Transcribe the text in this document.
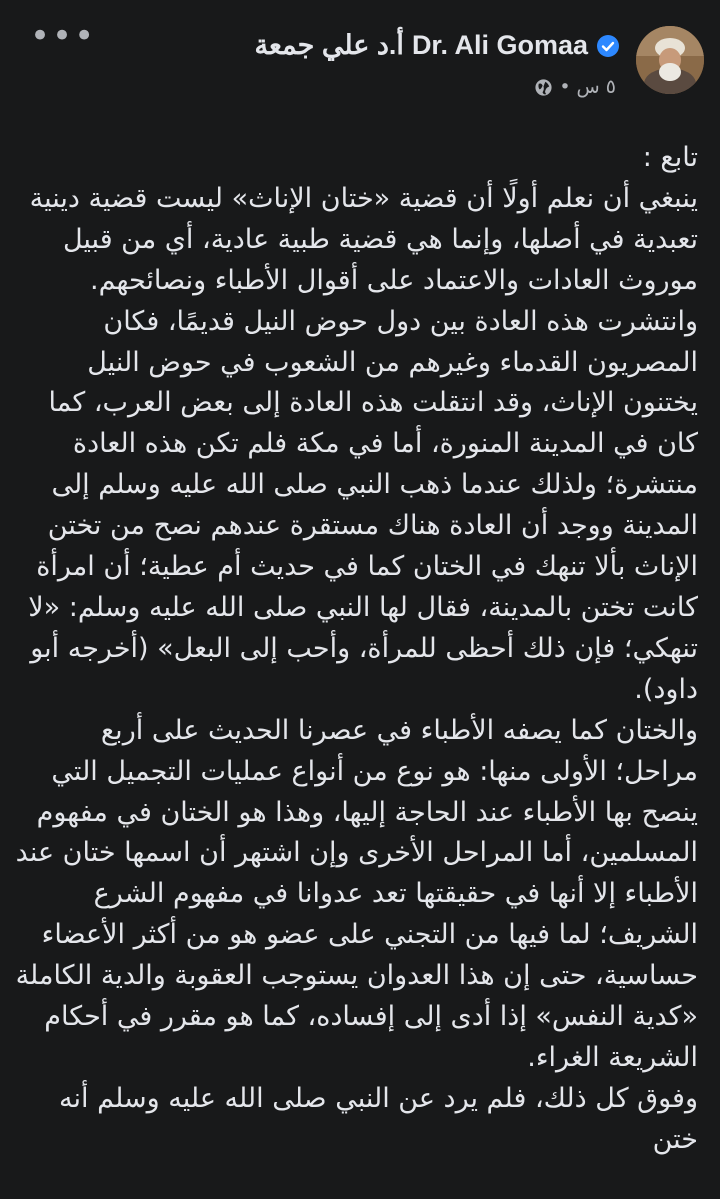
Dr. Ali Gomaa
أ.د علي جمعة
٥ س
•
•••

تابع :

ينبغي أن نعلم أولًا أن قضية «ختان الإناث» ليست قضية دينية تعبدية في أصلها، وإنما هي قضية طبية عادية، أي من قبيل موروث العادات والاعتماد على أقوال الأطباء ونصائحهم.

وانتشرت هذه العادة بين دول حوض النيل قديمًا، فكان المصريون القدماء وغيرهم من الشعوب في حوض النيل يختنون الإناث، وقد انتقلت هذه العادة إلى بعض العرب، كما كان في المدينة المنورة، أما في مكة فلم تكن هذه العادة منتشرة؛ ولذلك عندما ذهب النبي صلى الله عليه وسلم إلى المدينة ووجد أن العادة هناك مستقرة عندهم نصح من تختن الإناث بألا تنهك في الختان كما في حديث أم عطية؛ أن امرأة كانت تختن بالمدينة، فقال لها النبي صلى الله عليه وسلم: «لا تنهكي؛ فإن ذلك أحظى للمرأة، وأحب إلى البعل» (أخرجه أبو داود).

والختان كما يصفه الأطباء في عصرنا الحديث على أربع مراحل؛ الأولى منها: هو نوع من أنواع عمليات التجميل التي ينصح بها الأطباء عند الحاجة إليها، وهذا هو الختان في مفهوم المسلمين، أما المراحل الأخرى وإن اشتهر أن اسمها ختان عند الأطباء إلا أنها في حقيقتها تعد عدوانا في مفهوم الشرع الشريف؛ لما فيها من التجني على عضو هو من أكثر الأعضاء حساسية، حتى إن هذا العدوان يستوجب العقوبة والدية الكاملة «كدية النفس» إذا أدى إلى إفساده، كما هو مقرر في أحكام الشريعة الغراء.

وفوق كل ذلك، فلم يرد عن النبي صلى الله عليه وسلم أنه ختن
